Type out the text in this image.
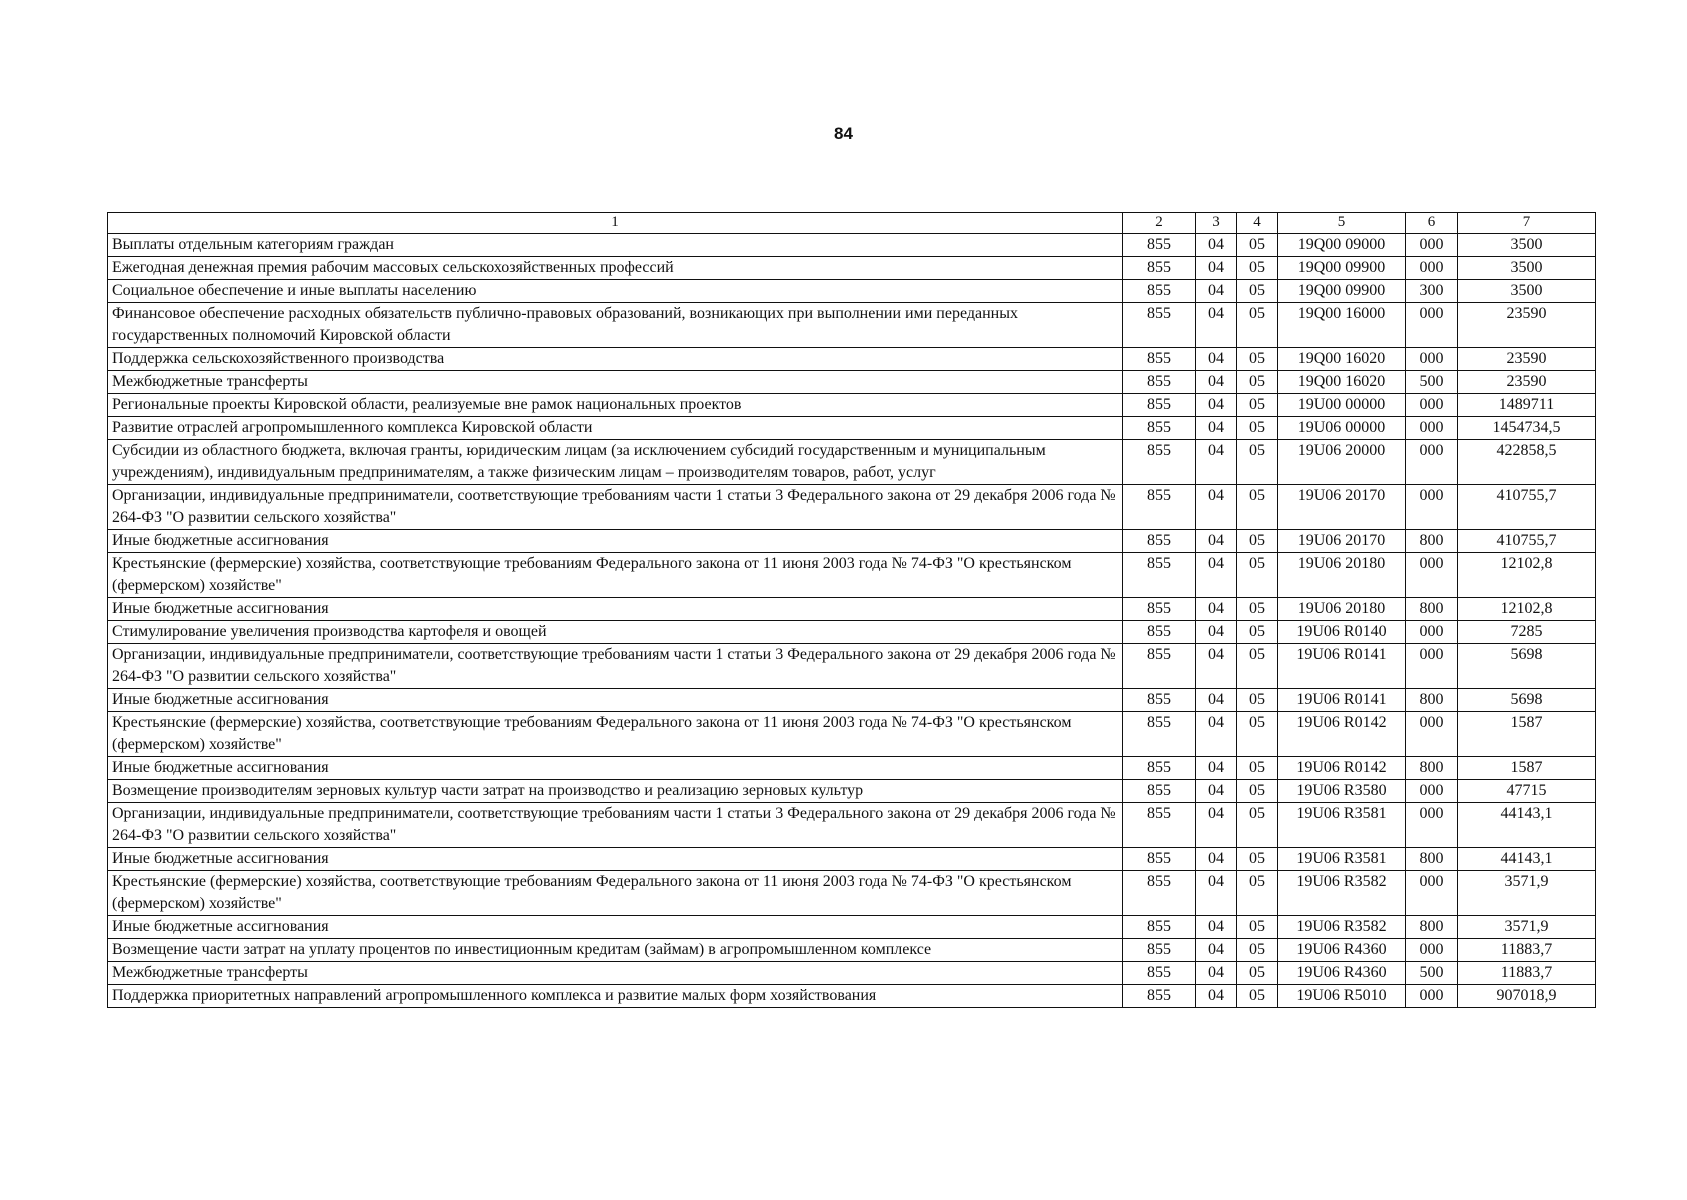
84
1	2	3	4	5	6	7
Выплаты отдельным категориям граждан	855	04	05	19Q00 09000	000	3500
Ежегодная денежная премия рабочим массовых сельскохозяйственных профессий	855	04	05	19Q00 09900	000	3500
Социальное обеспечение и иные выплаты населению	855	04	05	19Q00 09900	300	3500
Финансовое обеспечение расходных обязательств публично-правовых образований, возникающих при выполнении ими переданных государственных полномочий Кировской области	855	04	05	19Q00 16000	000	23590
Поддержка сельскохозяйственного производства	855	04	05	19Q00 16020	000	23590
Межбюджетные трансферты	855	04	05	19Q00 16020	500	23590
Региональные проекты Кировской области, реализуемые вне рамок национальных проектов	855	04	05	19U00 00000	000	1489711
Развитие отраслей агропромышленного комплекса Кировской области	855	04	05	19U06 00000	000	1454734,5
Субсидии из областного бюджета, включая гранты, юридическим лицам (за исключением субсидий государственным и муниципальным учреждениям), индивидуальным предпринимателям, а также физическим лицам – производителям товаров, работ, услуг	855	04	05	19U06 20000	000	422858,5
Организации, индивидуальные предприниматели, соответствующие требованиям части 1 статьи 3 Федерального закона от 29 декабря 2006 года № 264-ФЗ "О развитии сельского хозяйства"	855	04	05	19U06 20170	000	410755,7
Иные бюджетные ассигнования	855	04	05	19U06 20170	800	410755,7
Крестьянские (фермерские) хозяйства, соответствующие требованиям Федерального закона от 11 июня 2003 года № 74-ФЗ "О крестьянском (фермерском) хозяйстве"	855	04	05	19U06 20180	000	12102,8
Иные бюджетные ассигнования	855	04	05	19U06 20180	800	12102,8
Стимулирование увеличения производства картофеля и овощей	855	04	05	19U06 R0140	000	7285
Организации, индивидуальные предприниматели, соответствующие требованиям части 1 статьи 3 Федерального закона от 29 декабря 2006 года № 264-ФЗ "О развитии сельского хозяйства"	855	04	05	19U06 R0141	000	5698
Иные бюджетные ассигнования	855	04	05	19U06 R0141	800	5698
Крестьянские (фермерские) хозяйства, соответствующие требованиям Федерального закона от 11 июня 2003 года № 74-ФЗ "О крестьянском (фермерском) хозяйстве"	855	04	05	19U06 R0142	000	1587
Иные бюджетные ассигнования	855	04	05	19U06 R0142	800	1587
Возмещение производителям зерновых культур части затрат на производство и реализацию зерновых культур	855	04	05	19U06 R3580	000	47715
Организации, индивидуальные предприниматели, соответствующие требованиям части 1 статьи 3 Федерального закона от 29 декабря 2006 года № 264-ФЗ "О развитии сельского хозяйства"	855	04	05	19U06 R3581	000	44143,1
Иные бюджетные ассигнования	855	04	05	19U06 R3581	800	44143,1
Крестьянские (фермерские) хозяйства, соответствующие требованиям Федерального закона от 11 июня 2003 года № 74-ФЗ "О крестьянском (фермерском) хозяйстве"	855	04	05	19U06 R3582	000	3571,9
Иные бюджетные ассигнования	855	04	05	19U06 R3582	800	3571,9
Возмещение части затрат на уплату процентов по инвестиционным кредитам (займам) в агропромышленном комплексе	855	04	05	19U06 R4360	000	11883,7
Межбюджетные трансферты	855	04	05	19U06 R4360	500	11883,7
Поддержка приоритетных направлений агропромышленного комплекса и развитие малых форм хозяйствования	855	04	05	19U06 R5010	000	907018,9
